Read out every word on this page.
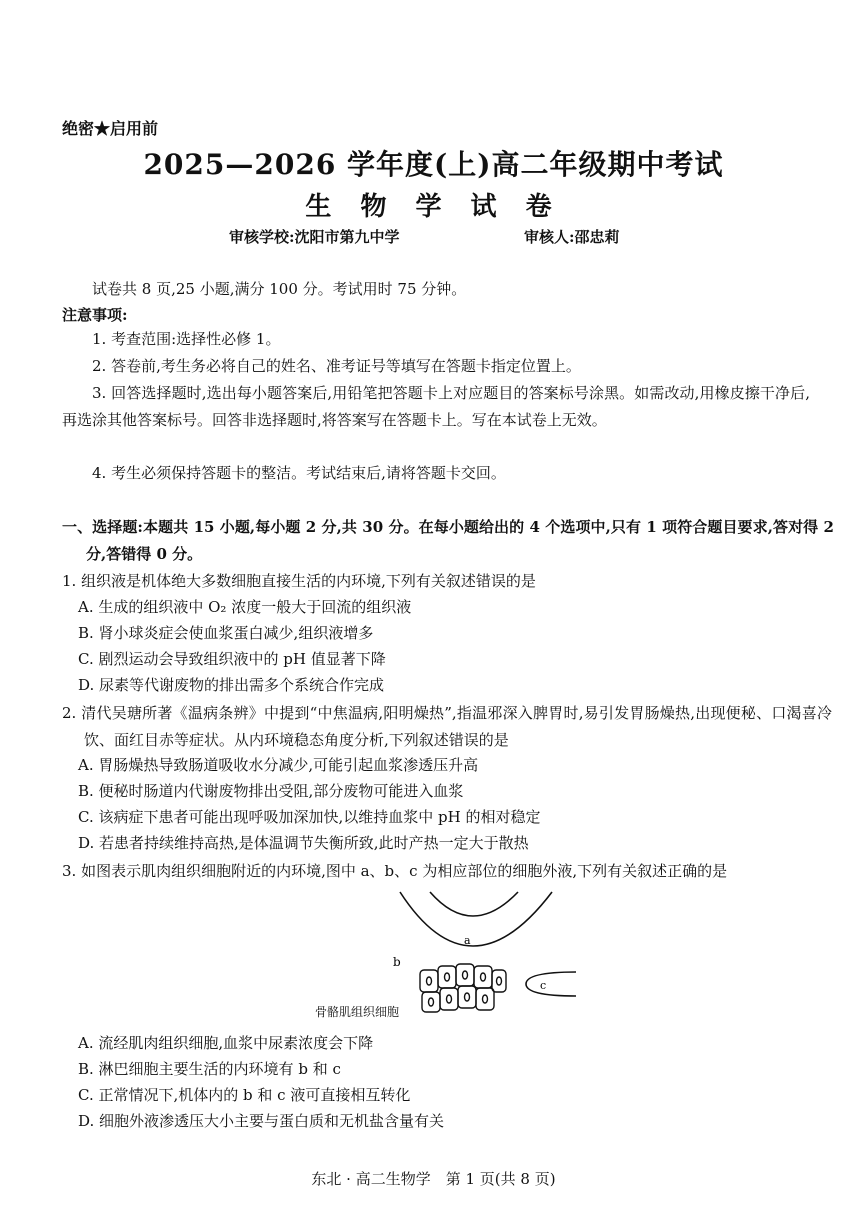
绝密★启用前
2025—2026 学年度(上)高二年级期中考试
生 物 学 试 卷
审核学校:沈阳市第九中学	审核人:邵忠莉
试卷共 8 页,25 小题,满分 100 分。考试用时 75 分钟。
注意事项:
1. 考查范围:选择性必修 1。
2. 答卷前,考生务必将自己的姓名、准考证号等填写在答题卡指定位置上。
3. 回答选择题时,选出每小题答案后,用铅笔把答题卡上对应题目的答案标号涂黑。如需改动,用橡皮擦干净后,再选涂其他答案标号。回答非选择题时,将答案写在答题卡上。写在本试卷上无效。
4. 考生必须保持答题卡的整洁。考试结束后,请将答题卡交回。
一、选择题:本题共 15 小题,每小题 2 分,共 30 分。在每小题给出的 4 个选项中,只有 1 项符合题目要求,答对得 2 分,答错得 0 分。
1. 组织液是机体绝大多数细胞直接生活的内环境,下列有关叙述错误的是
A. 生成的组织液中 O₂ 浓度一般大于回流的组织液
B. 肾小球炎症会使血浆蛋白减少,组织液增多
C. 剧烈运动会导致组织液中的 pH 值显著下降
D. 尿素等代谢废物的排出需多个系统合作完成
2. 清代吴瑭所著《温病条辨》中提到“中焦温病,阳明燥热”,指温邪深入脾胃时,易引发胃肠燥热,出现便秘、口渴喜冷饮、面红目赤等症状。从内环境稳态角度分析,下列叙述错误的是
A. 胃肠燥热导致肠道吸收水分减少,可能引起血浆渗透压升高
B. 便秘时肠道内代谢废物排出受阻,部分废物可能进入血浆
C. 该病症下患者可能出现呼吸加深加快,以维持血浆中 pH 的相对稳定
D. 若患者持续维持高热,是体温调节失衡所致,此时产热一定大于散热
3. 如图表示肌肉组织细胞附近的内环境,图中 a、b、c 为相应部位的细胞外液,下列有关叙述正确的是
a
b
c
骨骼肌组织细胞
A. 流经肌肉组织细胞,血浆中尿素浓度会下降
B. 淋巴细胞主要生活的内环境有 b 和 c
C. 正常情况下,机体内的 b 和 c 液可直接相互转化
D. 细胞外液渗透压大小主要与蛋白质和无机盐含量有关
东北 · 高二生物学　第 1 页(共 8 页)
